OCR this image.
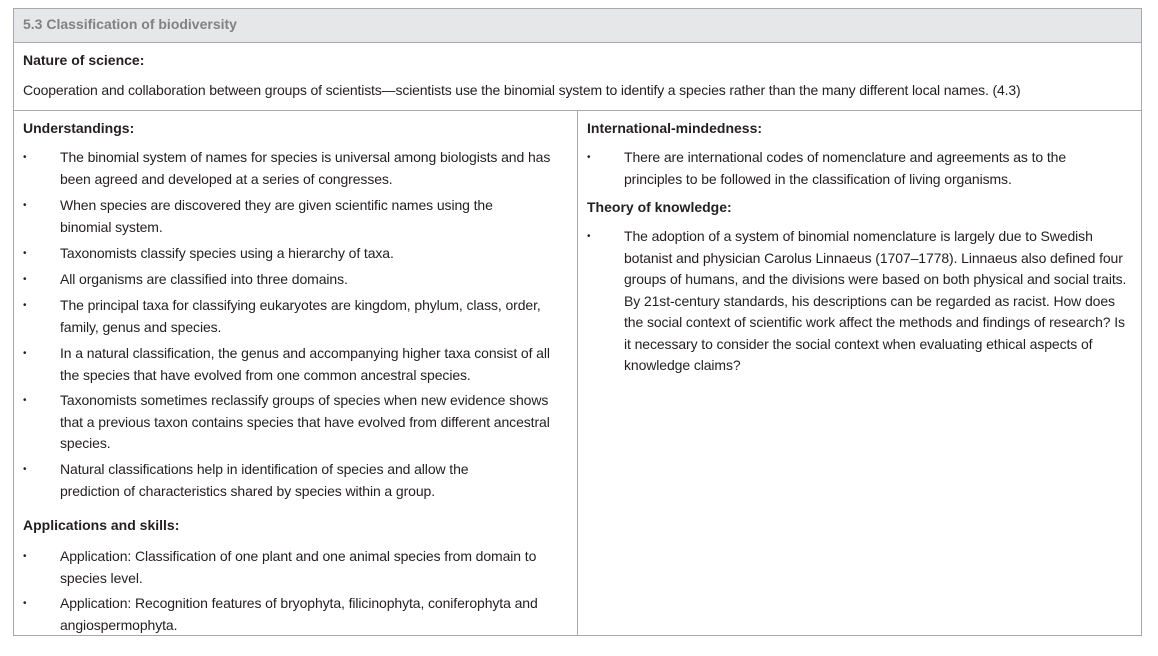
5.3 Classification of biodiversity
Nature of science:
Cooperation and collaboration between groups of scientists—scientists use the binomial system to identify a species rather than the many different local names. (4.3)
Understandings:
• The binomial system of names for species is universal among biologists and has been agreed and developed at a series of congresses.
• When species are discovered they are given scientific names using the binomial system.
• Taxonomists classify species using a hierarchy of taxa.
• All organisms are classified into three domains.
• The principal taxa for classifying eukaryotes are kingdom, phylum, class, order, family, genus and species.
• In a natural classification, the genus and accompanying higher taxa consist of all the species that have evolved from one common ancestral species.
• Taxonomists sometimes reclassify groups of species when new evidence shows that a previous taxon contains species that have evolved from different ancestral species.
• Natural classifications help in identification of species and allow the prediction of characteristics shared by species within a group.
Applications and skills:
• Application: Classification of one plant and one animal species from domain to species level.
• Application: Recognition features of bryophyta, filicinophyta, coniferophyta and angiospermophyta.
International-mindedness:
• There are international codes of nomenclature and agreements as to the principles to be followed in the classification of living organisms.
Theory of knowledge:
• The adoption of a system of binomial nomenclature is largely due to Swedish botanist and physician Carolus Linnaeus (1707–1778). Linnaeus also defined four groups of humans, and the divisions were based on both physical and social traits. By 21st-century standards, his descriptions can be regarded as racist. How does the social context of scientific work affect the methods and findings of research? Is it necessary to consider the social context when evaluating ethical aspects of knowledge claims?
